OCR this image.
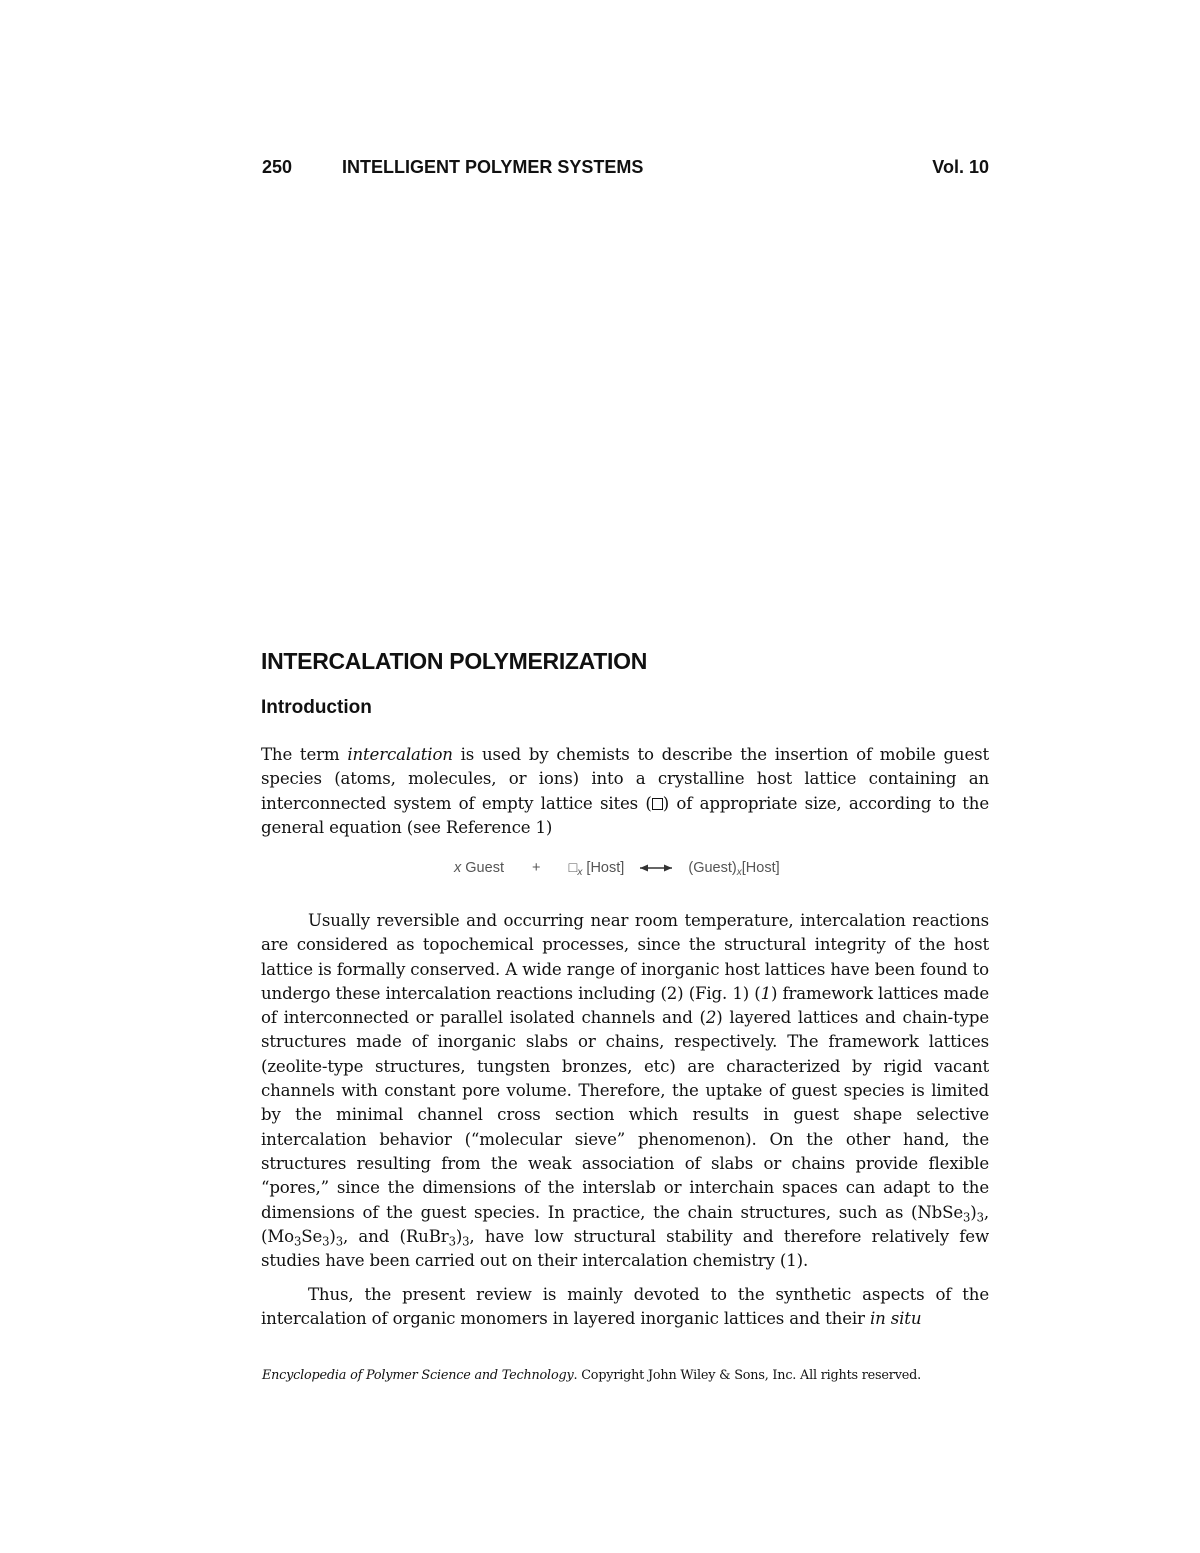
250	INTELLIGENT POLYMER SYSTEMS	Vol. 10
INTERCALATION POLYMERIZATION
Introduction

The term intercalation is used by chemists to describe the insertion of mobile guest species (atoms, molecules, or ions) into a crystalline host lattice containing an interconnected system of empty lattice sites ( ) of appropriate size, according to the general equation (see Reference 1)

x Guest + $□_x$ [Host]	$(Guest)_x[Host]$

Usually reversible and occurring near room temperature, intercalation reactions are considered as topochemical processes, since the structural integrity of the host lattice is formally conserved. A wide range of inorganic host lattices have been found to undergo these intercalation reactions including (2) (Fig. 1) (1) framework lattices made of interconnected or parallel isolated channels and (2) layered lattices and chain-type structures made of inorganic slabs or chains, respectively. The framework lattices (zeolite-type structures, tungsten bronzes, etc) are characterized by rigid vacant channels with constant pore volume. Therefore, the uptake of guest species is limited by the minimal channel cross section which results in guest shape selective intercalation behavior (“molecular sieve” phenomenon). On the other hand, the structures resulting from the weak association of slabs or chains provide flexible “pores,” since the dimensions of the interslab or interchain spaces can adapt to the dimensions of the guest species. In practice, the chain structures, such as $(NbSe_3)_3$, $(Mo_3Se_3)_3$, and $(RuBr_3)_3$, have low structural stability and therefore relatively few studies have been carried out on their intercalation chemistry (1).

Thus, the present review is mainly devoted to the synthetic aspects of the intercalation of organic monomers in layered inorganic lattices and their in situ

Encyclopedia of Polymer Science and Technology. Copyright John Wiley & Sons, Inc. All rights reserved.
